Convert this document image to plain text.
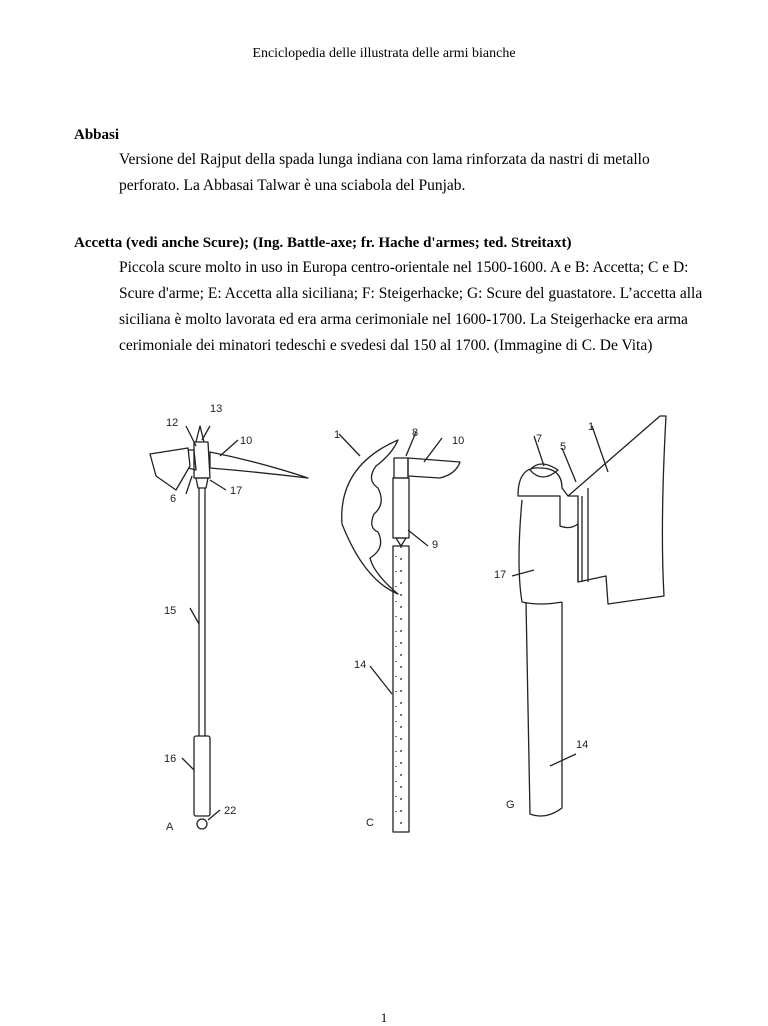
Enciclopedia delle illustrata delle armi bianche
Abbasi
Versione del Rajput della spada lunga indiana con lama rinforzata da nastri di metallo perforato. La Abbasai Talwar è una sciabola del Punjab.
Accetta (vedi anche Scure); (Ing. Battle-axe; fr. Hache d'armes; ted. Streitaxt)
Piccola scure molto in uso in Europa centro-orientale nel 1500-1600. A e B: Accetta; C e D: Scure d'arme; E: Accetta alla siciliana; F: Steigerhacke; G: Scure del guastatore. L’accetta alla siciliana è molto lavorata ed era arma cerimoniale nel 1600-1700. La Steigerhacke era arma cerimoniale dei minatori tedeschi e svedesi dal 150 al 1700. (Immagine di C. De Vita)
13
12
10
6
17
15
16
22
A
1	8
10
9
14
C
7
5
1
17
14
G
1
